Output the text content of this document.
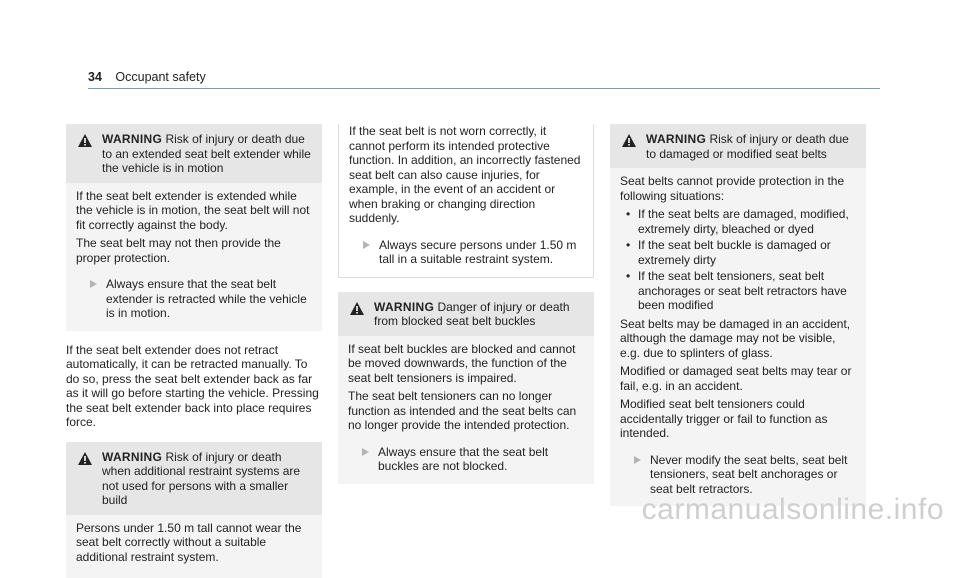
34 Occupant safety
WARNING Risk of injury or death due to an extended seat belt extender while the vehicle is in motion

If the seat belt extender is extended while the vehicle is in motion, the seat belt will not fit correctly against the body.

The seat belt may not then provide the proper protection.

Always ensure that the seat belt extender is retracted while the vehicle is in motion.

If the seat belt extender does not retract automatically, it can be retracted manually. To do so, press the seat belt extender back as far as it will go before starting the vehicle. Pressing the seat belt extender back into place requires force.

WARNING Risk of injury or death when additional restraint systems are not used for persons with a smaller build

Persons under 1.50 m tall cannot wear the seat belt correctly without a suitable additional restraint system.

If the seat belt is not worn correctly, it cannot perform its intended protective function. In addition, an incorrectly fastened seat belt can also cause injuries, for example, in the event of an accident or when braking or changing direction suddenly.

Always secure persons under 1.50 m tall in a suitable restraint system.
WARNING Danger of injury or death from blocked seat belt buckles

If seat belt buckles are blocked and cannot be moved downwards, the function of the seat belt tensioners is impaired.

The seat belt tensioners can no longer function as intended and the seat belts can no longer provide the intended protection.

Always ensure that the seat belt buckles are not blocked.
WARNING Risk of injury or death due to damaged or modified seat belts

Seat belts cannot provide protection in the following situations:

• If the seat belts are damaged, modified, extremely dirty, bleached or dyed
• If the seat belt buckle is damaged or extremely dirty
• If the seat belt tensioners, seat belt anchorages or seat belt retractors have been modified

Seat belts may be damaged in an accident, although the damage may not be visible, e.g. due to splinters of glass.

Modified or damaged seat belts may tear or fail, e.g. in an accident.

Modified seat belt tensioners could accidentally trigger or fail to function as intended.

Never modify the seat belts, seat belt tensioners, seat belt anchorages or seat belt retractors.
carmanualsonline.info
